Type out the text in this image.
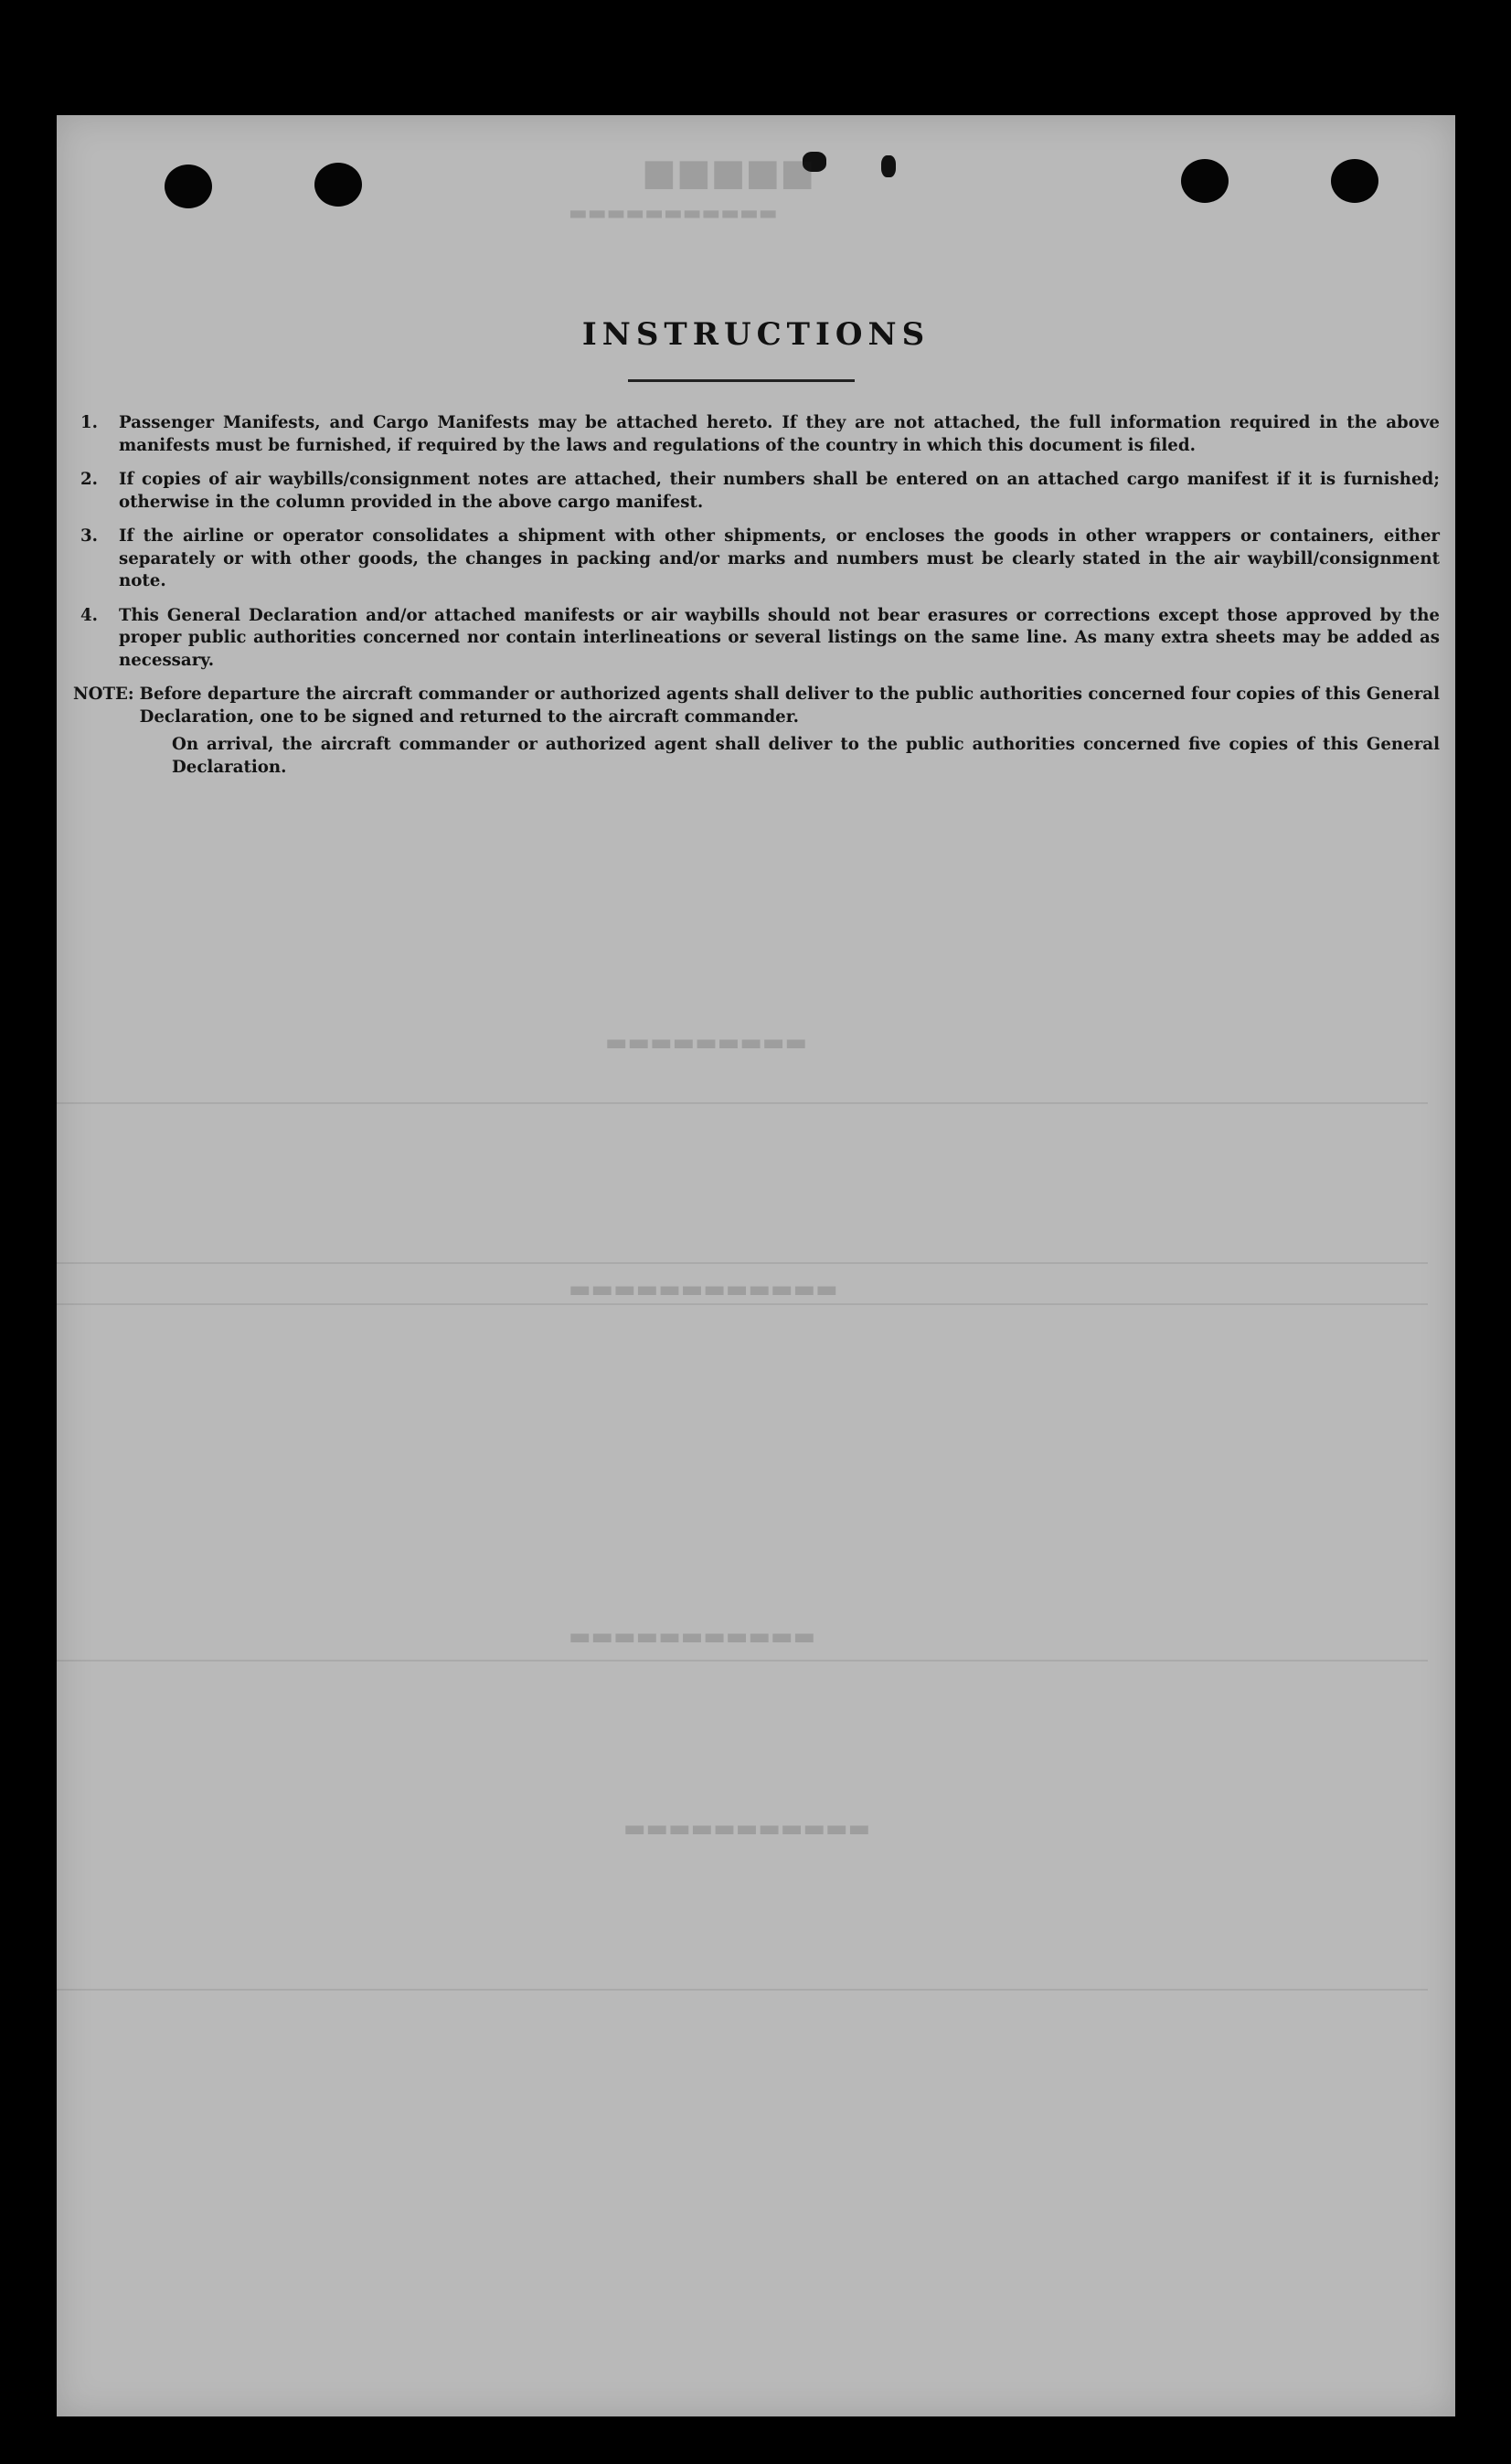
■■■■■
▬▬▬▬▬▬▬▬▬▬▬
▬▬▬▬▬▬▬▬▬
▬▬▬▬▬▬▬▬▬▬▬▬
▬▬▬▬▬▬▬▬▬▬▬
▬▬▬▬▬▬▬▬▬▬▬
INSTRUCTIONS
1.	Passenger Manifests, and Cargo Manifests may be attached hereto. If they are not attached, the full information required in the above manifests must be furnished, if required by the laws and regulations of the country in which this document is filed.
2.	If copies of air waybills/consignment notes are attached, their numbers shall be entered on an attached cargo manifest if it is furnished; otherwise in the column provided in the above cargo manifest.
3.	If the airline or operator consolidates a shipment with other shipments, or encloses the goods in other wrappers or containers, either separately or with other goods, the changes in packing and/or marks and numbers must be clearly stated in the air waybill/consignment note.
4.	This General Declaration and/or attached manifests or air waybills should not bear erasures or corrections except those approved by the proper public authorities concerned nor contain interlineations or several listings on the same line. As many extra sheets may be added as necessary.
NOTE: Before departure the aircraft commander or authorized agents shall deliver to the public authorities concerned four copies of this General Declaration, one to be signed and returned to the aircraft commander.
On arrival, the aircraft commander or authorized agent shall deliver to the public authorities concerned five copies of this General Declaration.
